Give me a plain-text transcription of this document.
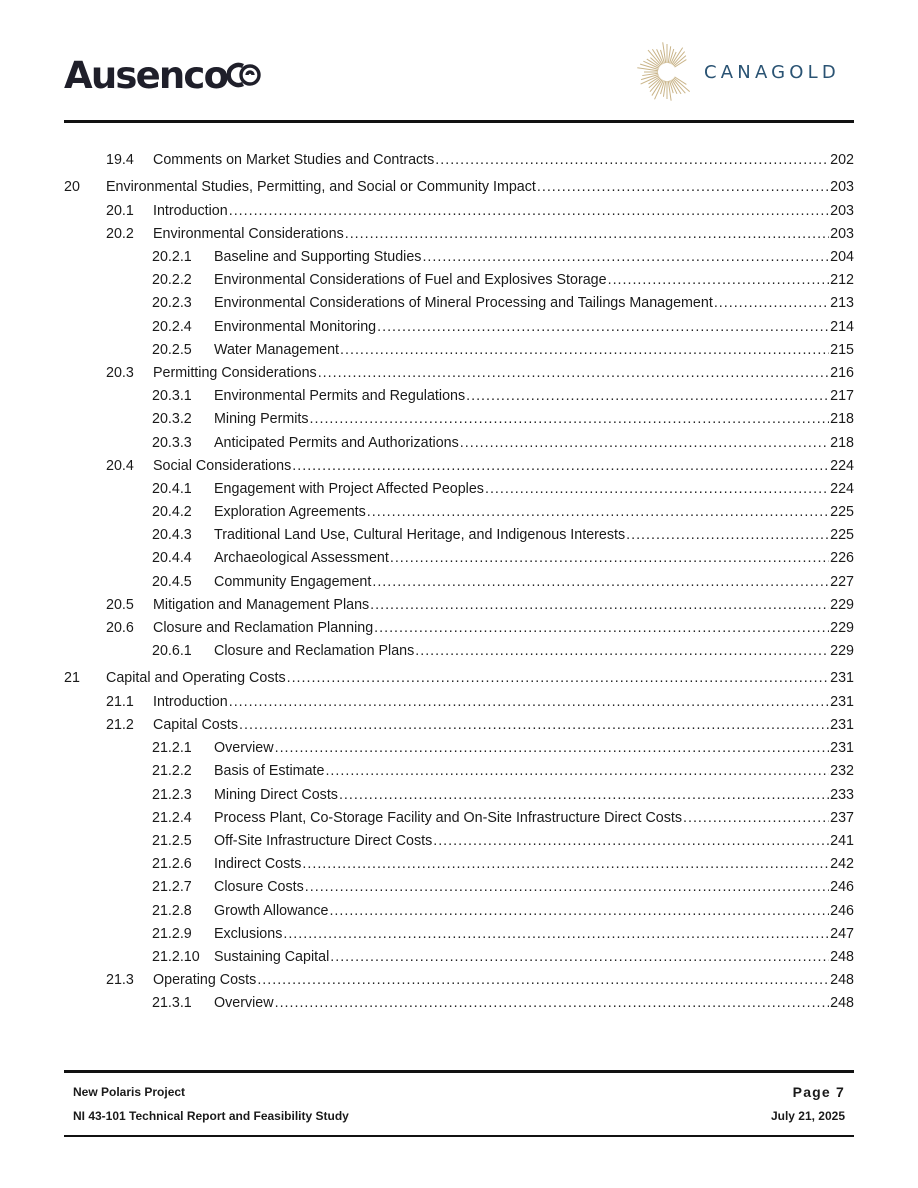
Ausenco	CANAGOLD
19.4 Comments on Market Studies and Contracts .....	202
20 Environmental Studies, Permitting, and Social or Community Impact .....	203
20.1 Introduction .....	203
20.2 Environmental Considerations .....	203
20.2.1 Baseline and Supporting Studies .....	204
20.2.2 Environmental Considerations of Fuel and Explosives Storage .....	212
20.2.3 Environmental Considerations of Mineral Processing and Tailings Management .....	213
20.2.4 Environmental Monitoring .....	214
20.2.5 Water Management .....	215
20.3 Permitting Considerations .....	216
20.3.1 Environmental Permits and Regulations .....	217
20.3.2 Mining Permits .....	218
20.3.3 Anticipated Permits and Authorizations .....	218
20.4 Social Considerations .....	224
20.4.1 Engagement with Project Affected Peoples .....	224
20.4.2 Exploration Agreements .....	225
20.4.3 Traditional Land Use, Cultural Heritage, and Indigenous Interests .....	225
20.4.4 Archaeological Assessment .....	226
20.4.5 Community Engagement .....	227
20.5 Mitigation and Management Plans .....	229
20.6 Closure and Reclamation Planning .....	229
20.6.1 Closure and Reclamation Plans .....	229
21 Capital and Operating Costs .....	231
21.1 Introduction .....	231
21.2 Capital Costs .....	231
21.2.1 Overview .....	231
21.2.2 Basis of Estimate .....	232
21.2.3 Mining Direct Costs .....	233
21.2.4 Process Plant, Co-Storage Facility and On-Site Infrastructure Direct Costs .....	237
21.2.5 Off-Site Infrastructure Direct Costs .....	241
21.2.6 Indirect Costs .....	242
21.2.7 Closure Costs .....	246
21.2.8 Growth Allowance .....	246
21.2.9 Exclusions .....	247
21.2.10 Sustaining Capital .....	248
21.3 Operating Costs .....	248
21.3.1 Overview .....	248
New Polaris Project	Page 7
NI 43-101 Technical Report and Feasibility Study	July 21, 2025
